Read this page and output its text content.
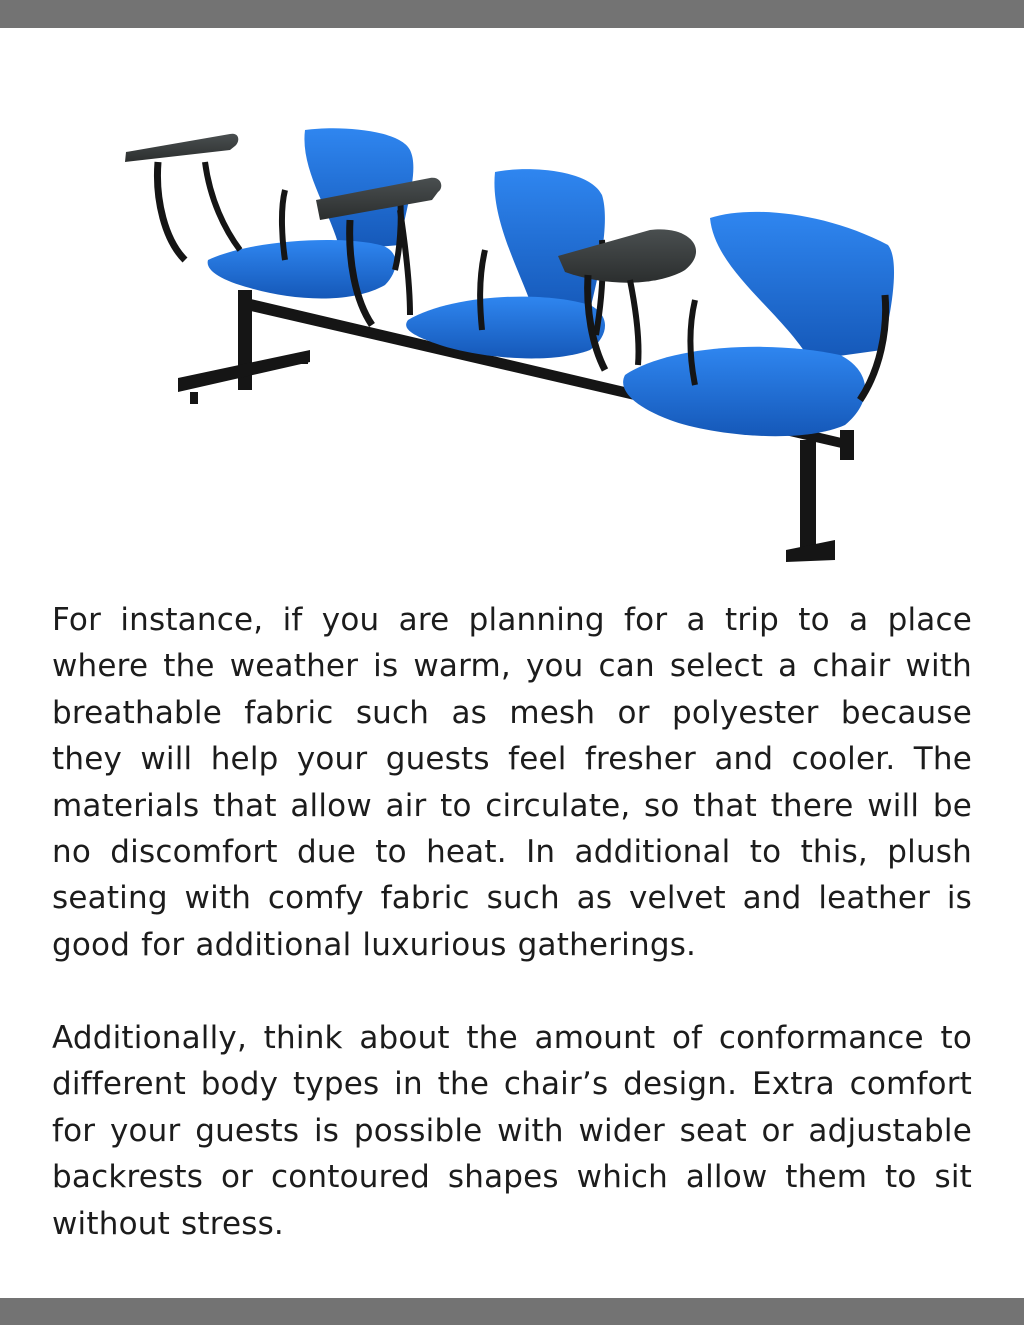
For instance, if you are planning for a trip to a place where the weather is warm, you can select a chair with breathable fabric such as mesh or polyester because they will help your guests feel fresher and cooler. The materials that allow air to circulate, so that there will be no discomfort due to heat. In additional to this, plush seating with comfy fabric such as velvet and leather is good for additional luxurious gatherings.

Additionally, think about the amount of conformance to different body types in the chair’s design. Extra comfort for your guests is possible with wider seat or adjustable backrests or contoured shapes which allow them to sit without stress.
